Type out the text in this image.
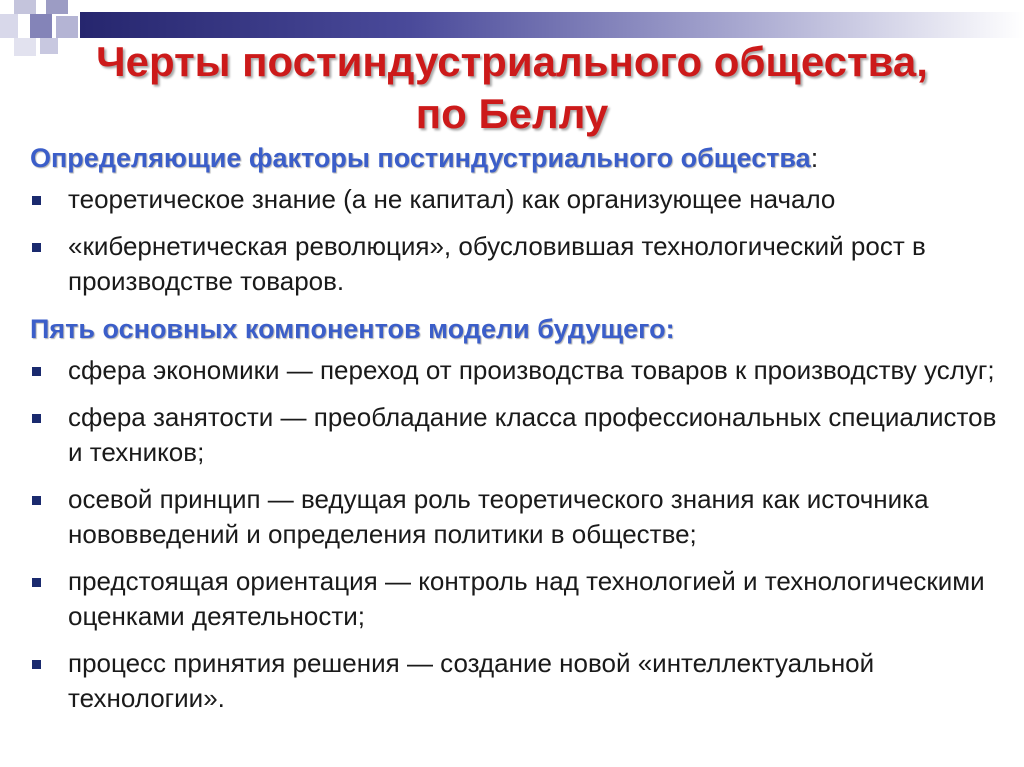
Черты постиндустриального общества,
по Беллу
Определяющие факторы постиндустриального общества:
теоретическое знание (а не капитал) как организующее начало
«кибернетическая революция», обусловившая технологический рост в производстве товаров.
Пять основных компонентов модели будущего:
сфера экономики — переход от производства товаров к производству услуг;
сфера занятости — преобладание класса профессиональных специалистов и техников;
осевой принцип — ведущая роль теоретического знания как источника нововведений и определения политики в обществе;
предстоящая ориентация — контроль над технологией и технологическими оценками деятельности;
процесс принятия решения — создание новой «интеллектуальной технологии».
